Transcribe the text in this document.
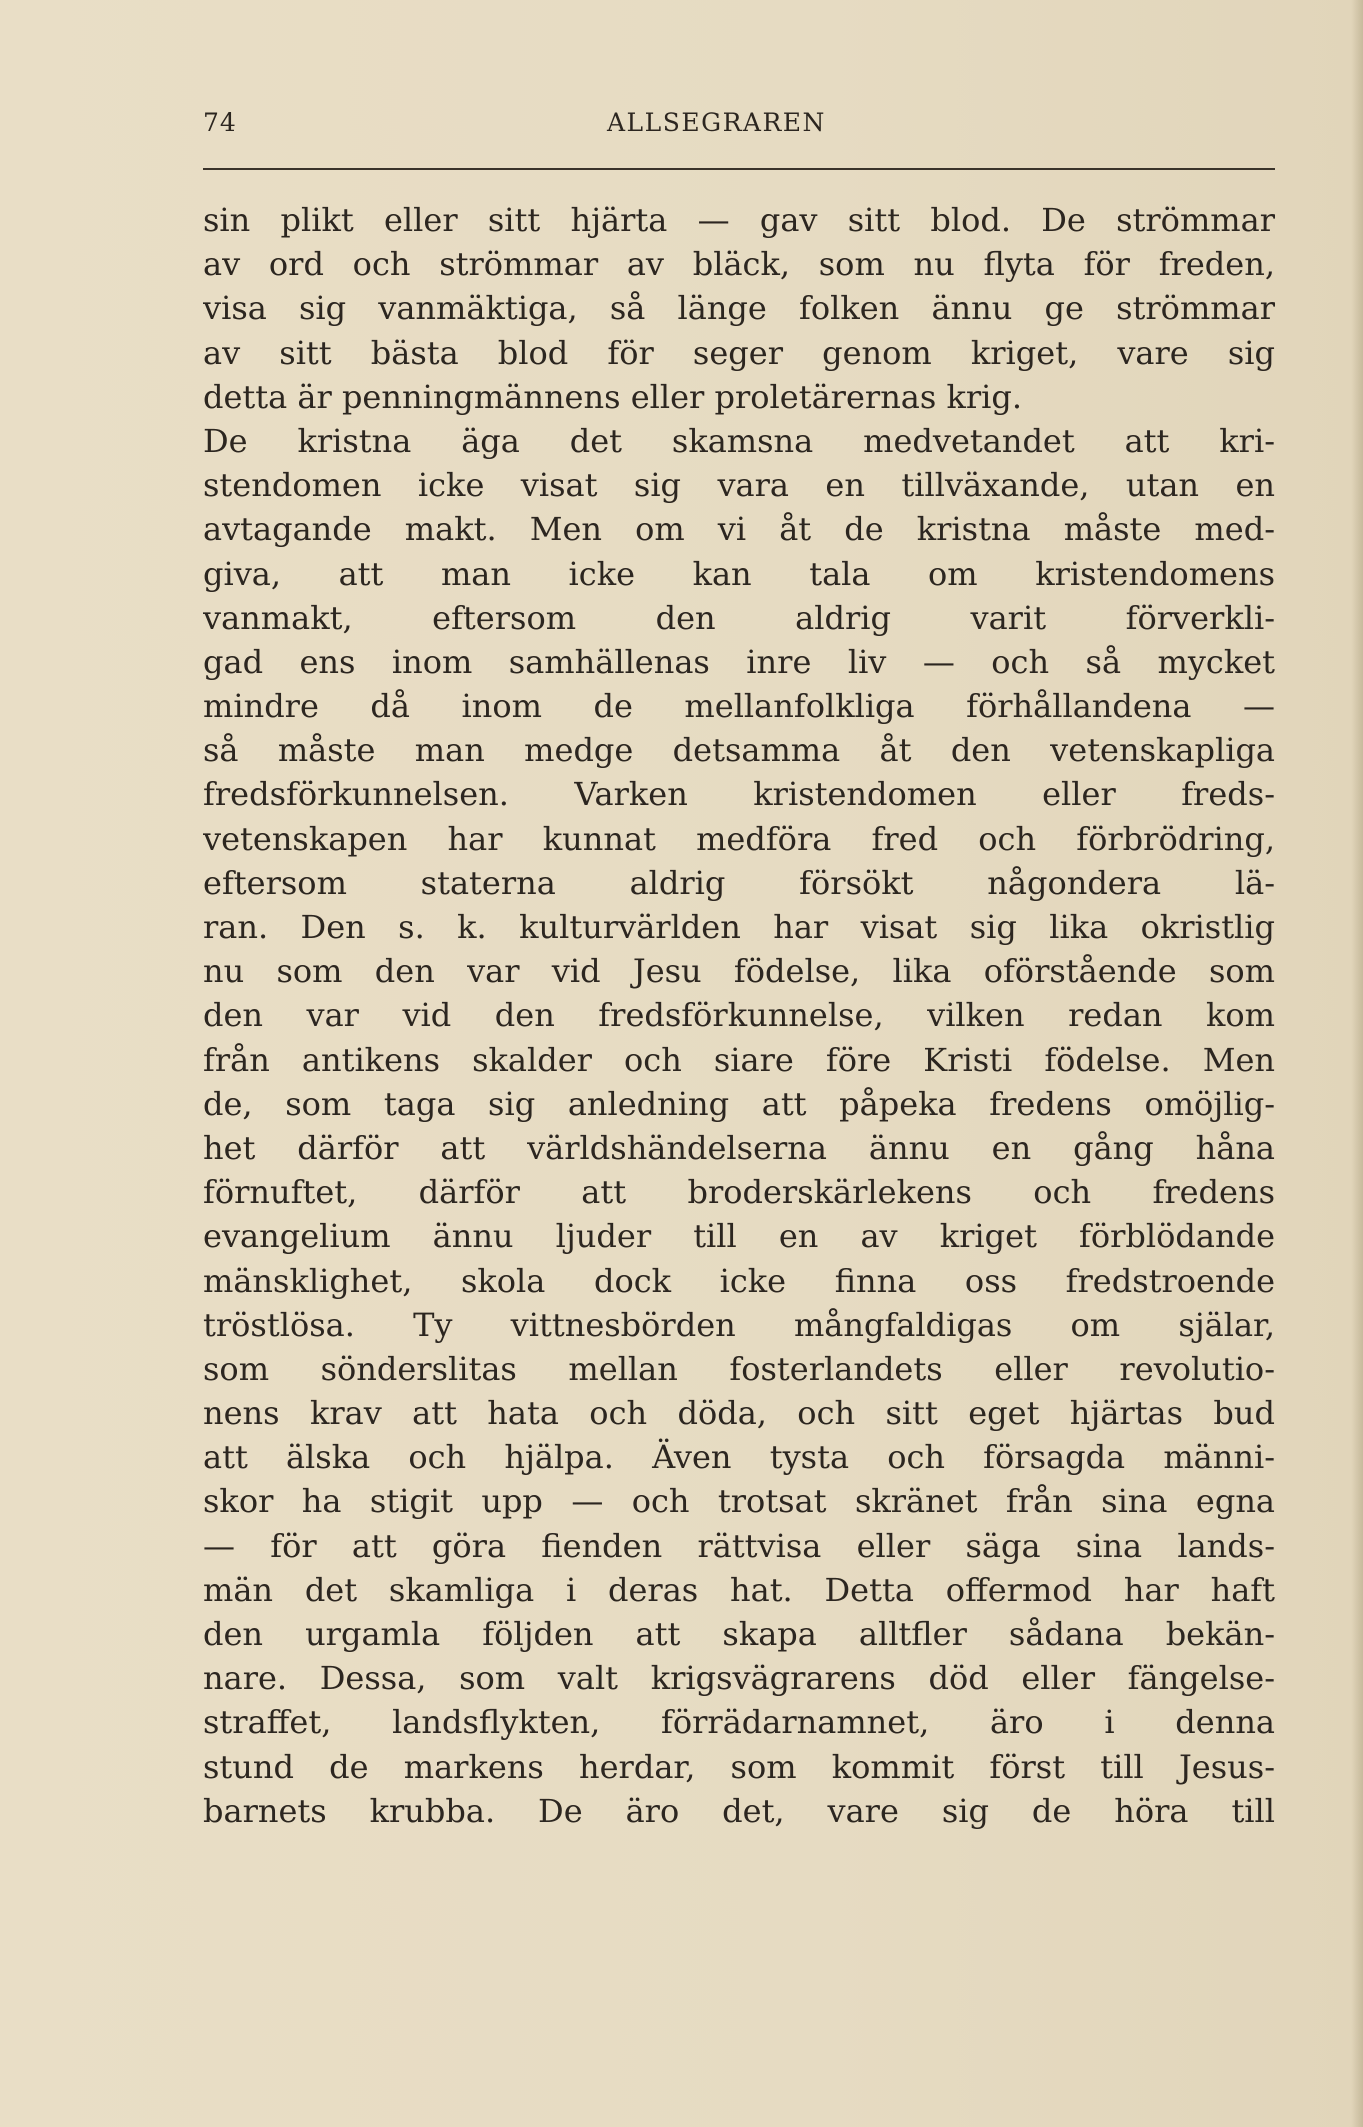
74	ALLSEGRAREN
sin plikt eller sitt hjärta — gav sitt blod. De strömmar
av ord och strömmar av bläck, som nu flyta för freden,
visa sig vanmäktiga, så länge folken ännu ge strömmar
av sitt bästa blod för seger genom kriget, vare sig
detta är penningmännens eller proletärernas krig.
De kristna äga det skamsna medvetandet att kri-
stendomen icke visat sig vara en tillväxande, utan en
avtagande makt. Men om vi åt de kristna måste med-
giva, att man icke kan tala om kristendomens
vanmakt, eftersom den aldrig varit förverkli-
gad ens inom samhällenas inre liv — och så mycket
mindre då inom de mellanfolkliga förhållandena —
så måste man medge detsamma åt den vetenskapliga
fredsförkunnelsen. Varken kristendomen eller freds-
vetenskapen har kunnat medföra fred och förbrödring,
eftersom staterna aldrig försökt någondera lä-
ran. Den s. k. kulturvärlden har visat sig lika okristlig
nu som den var vid Jesu födelse, lika oförstående som
den var vid den fredsförkunnelse, vilken redan kom
från antikens skalder och siare före Kristi födelse. Men
de, som taga sig anledning att påpeka fredens omöjlig-
het därför att världshändelserna ännu en gång håna
förnuftet, därför att broderskärlekens och fredens
evangelium ännu ljuder till en av kriget förblödande
mänsklighet, skola dock icke finna oss fredstroende
tröstlösa. Ty vittnesbörden mångfaldigas om själar,
som sönderslitas mellan fosterlandets eller revolutio-
nens krav att hata och döda, och sitt eget hjärtas bud
att älska och hjälpa. Även tysta och försagda männi-
skor ha stigit upp — och trotsat skränet från sina egna
— för att göra fienden rättvisa eller säga sina lands-
män det skamliga i deras hat. Detta offermod har haft
den urgamla följden att skapa alltfler sådana bekän-
nare. Dessa, som valt krigsvägrarens död eller fängelse-
straffet, landsflykten, förrädarnamnet, äro i denna
stund de markens herdar, som kommit först till Jesus-
barnets krubba. De äro det, vare sig de höra till
